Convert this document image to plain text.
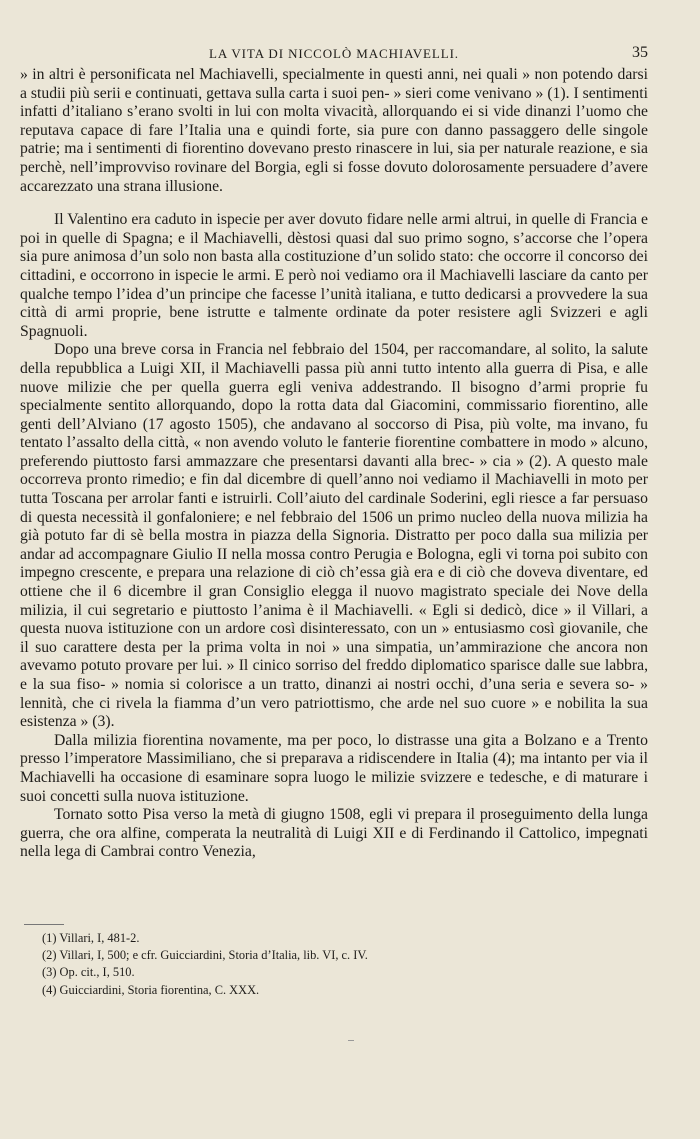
LA VITA DI NICCOLÒ MACHIAVELLI.	35

» in altri è personificata nel Machiavelli, specialmente in questi anni, nei quali » non potendo darsi a studii più serii e continuati, gettava sulla carta i suoi pen- » sieri come venivano » (1). I sentimenti infatti d’italiano s’erano svolti in lui con molta vivacità, allorquando ei si vide dinanzi l’uomo che reputava capace di fare l’Italia una e quindi forte, sia pure con danno passaggero delle singole patrie; ma i sentimenti di fiorentino dovevano presto rinascere in lui, sia per naturale reazione, e sia perchè, nell’improvviso rovinare del Borgia, egli si fosse dovuto dolorosamente persuadere d’avere accarezzato una strana illusione.

Il Valentino era caduto in ispecie per aver dovuto fidare nelle armi altrui, in quelle di Francia e poi in quelle di Spagna; e il Machiavelli, dèstosi quasi dal suo primo sogno, s’accorse che l’opera sia pure animosa d’un solo non basta alla costituzione d’un solido stato: che occorre il concorso dei cittadini, e occorrono in ispecie le armi. E però noi vediamo ora il Machiavelli lasciare da canto per qualche tempo l’idea d’un principe che facesse l’unità italiana, e tutto dedicarsi a provvedere la sua città di armi proprie, bene istrutte e talmente ordinate da poter resistere agli Svizzeri e agli Spagnuoli.

Dopo una breve corsa in Francia nel febbraio del 1504, per raccomandare, al solito, la salute della repubblica a Luigi XII, il Machiavelli passa più anni tutto intento alla guerra di Pisa, e alle nuove milizie che per quella guerra egli veniva addestrando. Il bisogno d’armi proprie fu specialmente sentito allorquando, dopo la rotta data dal Giacomini, commissario fiorentino, alle genti dell’Alviano (17 agosto 1505), che andavano al soccorso di Pisa, più volte, ma invano, fu tentato l’assalto della città, « non avendo voluto le fanterie fiorentine combattere in modo » alcuno, preferendo piuttosto farsi ammazzare che presentarsi davanti alla brec- » cia » (2). A questo male occorreva pronto rimedio; e fin dal dicembre di quell’anno noi vediamo il Machiavelli in moto per tutta Toscana per arrolar fanti e istruirli. Coll’aiuto del cardinale Soderini, egli riesce a far persuaso di questa necessità il gonfaloniere; e nel febbraio del 1506 un primo nucleo della nuova milizia ha già potuto far di sè bella mostra in piazza della Signoria. Distratto per poco dalla sua milizia per andar ad accompagnare Giulio II nella mossa contro Perugia e Bologna, egli vi torna poi subito con impegno crescente, e prepara una relazione di ciò ch’essa già era e di ciò che doveva diventare, ed ottiene che il 6 dicembre il gran Consiglio elegga il nuovo magistrato speciale dei Nove della milizia, il cui segretario e piuttosto l’anima è il Machiavelli. « Egli si dedicò, dice » il Villari, a questa nuova istituzione con un ardore così disinteressato, con un » entusiasmo così giovanile, che il suo carattere desta per la prima volta in noi » una simpatia, un’ammirazione che ancora non avevamo potuto provare per lui. » Il cinico sorriso del freddo diplomatico sparisce dalle sue labbra, e la sua fiso- » nomia si colorisce a un tratto, dinanzi ai nostri occhi, d’una seria e severa so- » lennità, che ci rivela la fiamma d’un vero patriottismo, che arde nel suo cuore » e nobilita la sua esistenza » (3).

Dalla milizia fiorentina novamente, ma per poco, lo distrasse una gita a Bolzano e a Trento presso l’imperatore Massimiliano, che si preparava a ridiscendere in Italia (4); ma intanto per via il Machiavelli ha occasione di esaminare sopra luogo le milizie svizzere e tedesche, e di maturare i suoi concetti sulla nuova istituzione.

Tornato sotto Pisa verso la metà di giugno 1508, egli vi prepara il proseguimento della lunga guerra, che ora alfine, comperata la neutralità di Luigi XII e di Ferdinando il Cattolico, impegnati nella lega di Cambrai contro Venezia,

(1) Villari, I, 481-2.

(2) Villari, I, 500; e cfr. Guicciardini, Storia d’Italia, lib. VI, c. IV.

(3) Op. cit., I, 510.

(4) Guicciardini, Storia fiorentina, C. XXX.
